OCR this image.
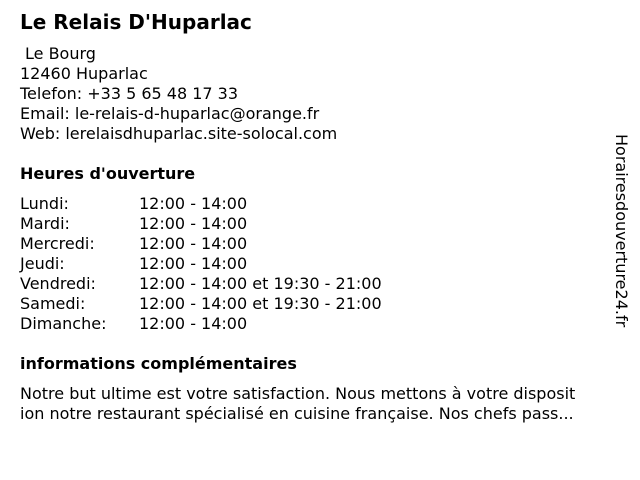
Le Relais D'Huparlac
Le Bourg
12460 Huparlac
Telefon: +33 5 65 48 17 33
Email: le-relais-d-huparlac@orange.fr
Web: lerelaisdhuparlac.site-solocal.com
Heures d'ouverture
Lundi:	12:00 - 14:00
Mardi:	12:00 - 14:00
Mercredi:	12:00 - 14:00
Jeudi:	12:00 - 14:00
Vendredi:	12:00 - 14:00 et 19:30 - 21:00
Samedi:	12:00 - 14:00 et 19:30 - 21:00
Dimanche:	12:00 - 14:00
informations complémentaires
Notre but ultime est votre satisfaction. Nous mettons à votre disposit
ion notre restaurant spécialisé en cuisine française. Nos chefs pass...
Horairesdouverture24.fr
